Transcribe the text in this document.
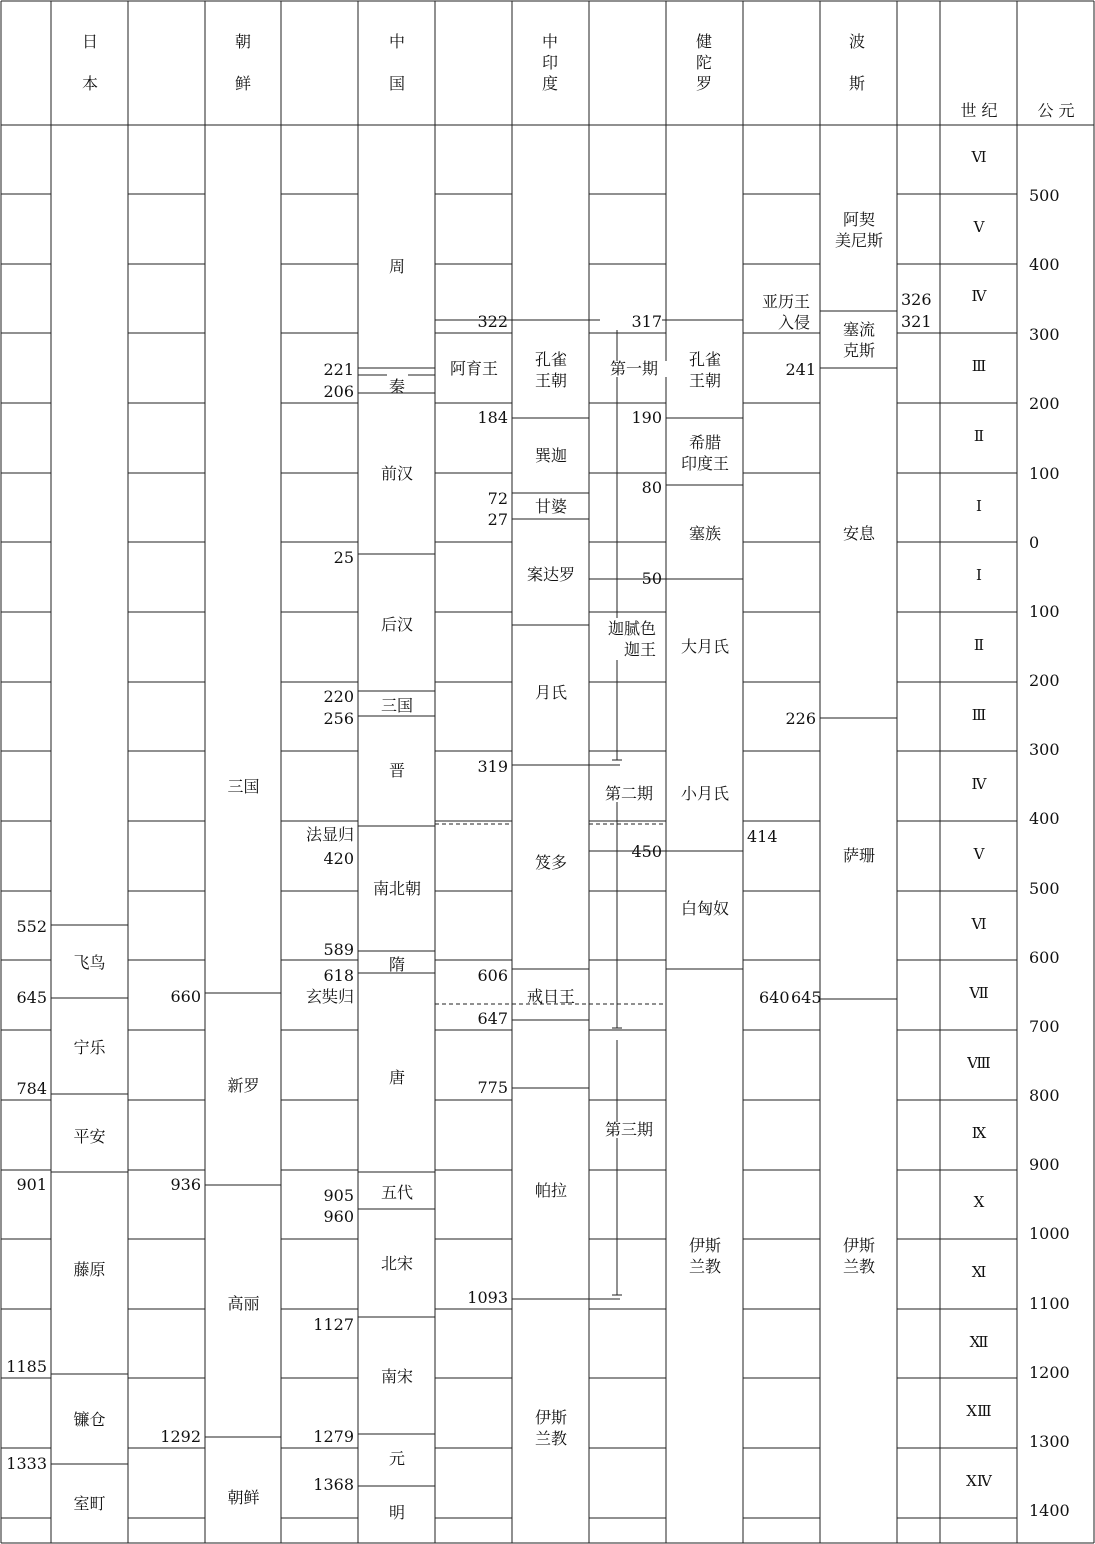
日

本
朝

鲜
中

国
中
印
度
健
陀
罗
波

斯
世 纪	公 元
Ⅵ
Ⅴ
Ⅳ
Ⅲ
Ⅱ
Ⅰ
Ⅰ
Ⅱ
Ⅲ
Ⅳ
Ⅴ
Ⅵ
Ⅶ
Ⅷ
Ⅸ
Ⅹ
Ⅺ
Ⅻ
ⅩⅢ
ⅩⅣ
500
400
300
200
100
0
100
200
300
400
500
600
700
800
900
1000
1100
1200
1300
1400
飞鸟
宁乐
平安
藤原
镰仓
室町
552
645
784
901
1185
1333
三国
新罗
高丽
朝鲜
660
936
1292
周
秦
前汉
后汉
三国
晋
南北朝
隋
唐
五代
北宋
南宋
元
明
221
206
25
220
256
420
589
618
905
960
1127
1279
1368
法显归
玄奘归
阿育王
戒日王
孔雀
王朝
巽迦
甘婆
案达罗
月氏
笈多
帕拉
伊斯
兰教
322
184
72
27
319
606
647
775
1093
第一期
第二期
第三期
迦腻色
迦王
317
190
80
50
450
孔雀
王朝
希腊
印度王
塞族
大月氏
小月氏
白匈奴
伊斯
兰教
亚历王
入侵
241
226
414
640 645
阿契
美尼斯
塞流
克斯
安息
萨珊
伊斯
兰教
326
321
